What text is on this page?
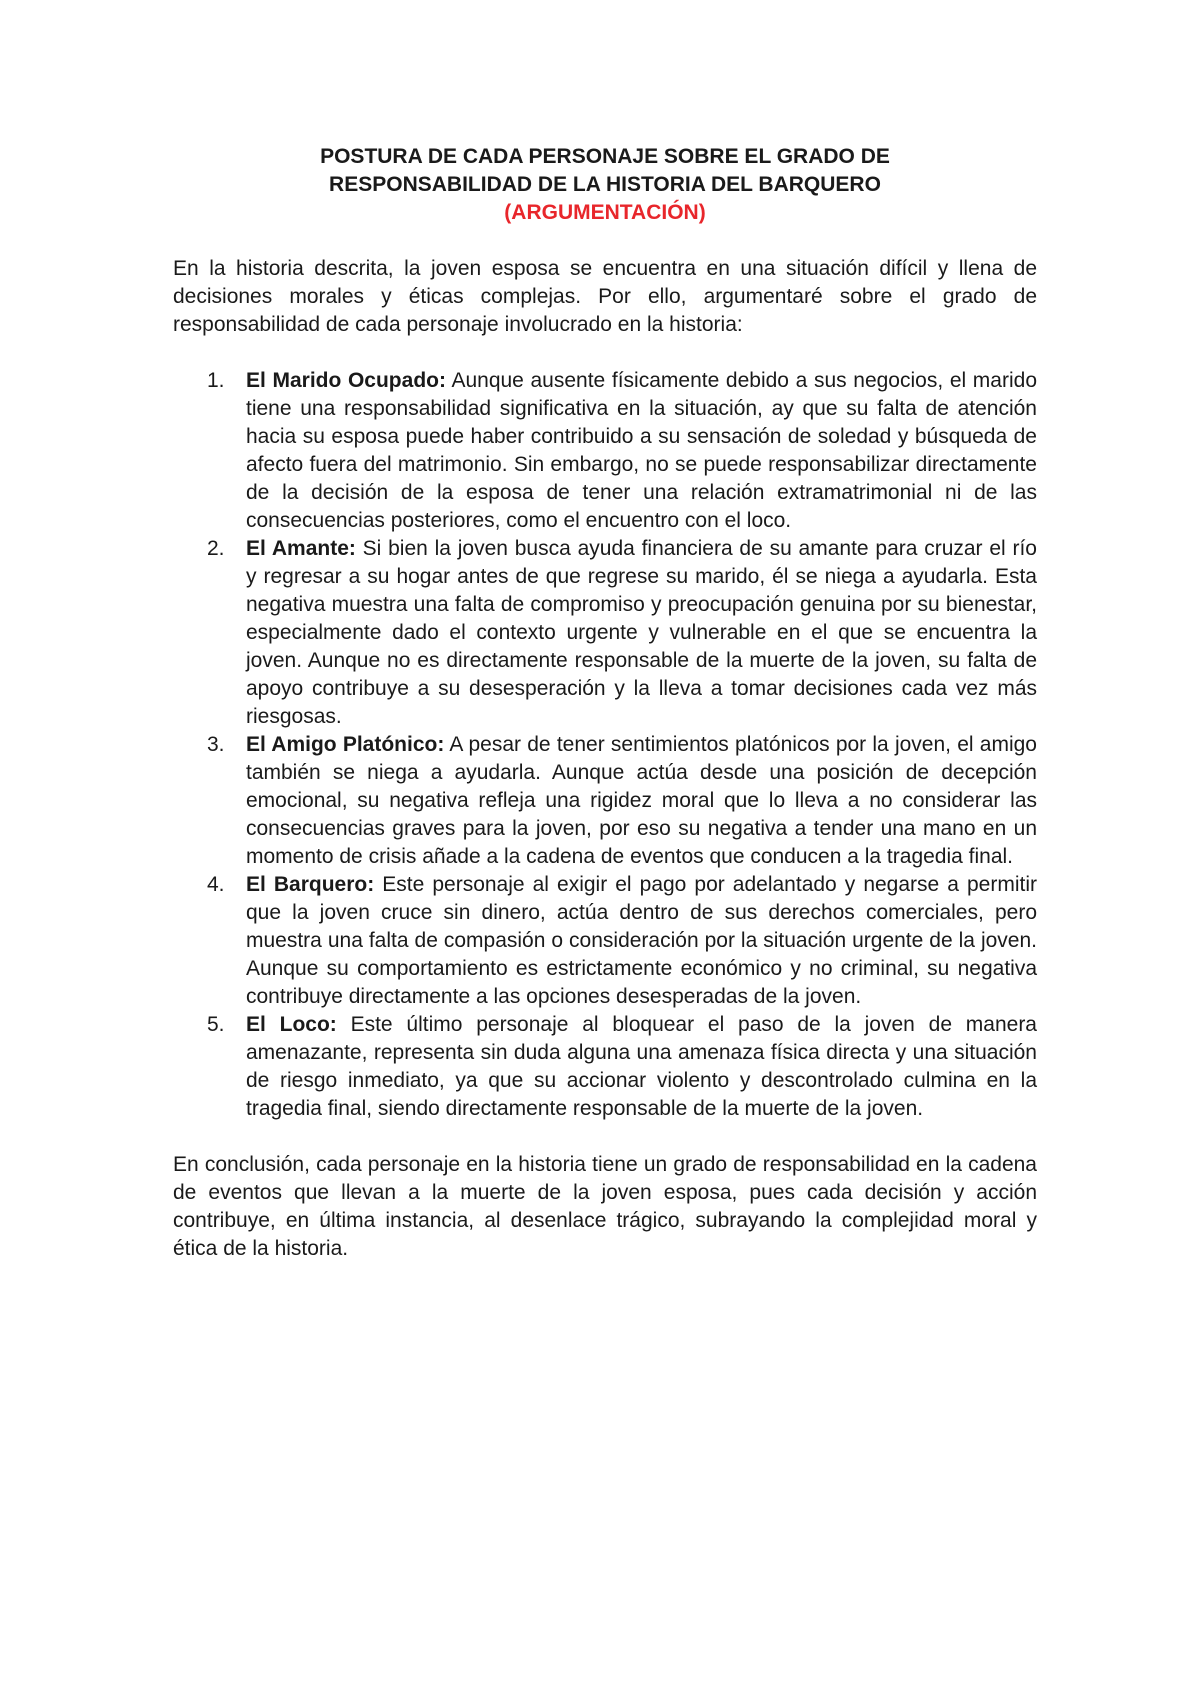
POSTURA DE CADA PERSONAJE SOBRE EL GRADO DE
RESPONSABILIDAD DE LA HISTORIA DEL BARQUERO
(ARGUMENTACIÓN)

En la historia descrita, la joven esposa se encuentra en una situación difícil y llena de decisiones morales y éticas complejas. Por ello, argumentaré sobre el grado de responsabilidad de cada personaje involucrado en la historia:

1.	El Marido Ocupado: Aunque ausente físicamente debido a sus negocios, el marido tiene una responsabilidad significativa en la situación, ay que su falta de atención hacia su esposa puede haber contribuido a su sensación de soledad y búsqueda de afecto fuera del matrimonio. Sin embargo, no se puede responsabilizar directamente de la decisión de la esposa de tener una relación extramatrimonial ni de las consecuencias posteriores, como el encuentro con el loco.
2.	El Amante: Si bien la joven busca ayuda financiera de su amante para cruzar el río y regresar a su hogar antes de que regrese su marido, él se niega a ayudarla. Esta negativa muestra una falta de compromiso y preocupación genuina por su bienestar, especialmente dado el contexto urgente y vulnerable en el que se encuentra la joven. Aunque no es directamente responsable de la muerte de la joven, su falta de apoyo contribuye a su desesperación y la lleva a tomar decisiones cada vez más riesgosas.
3.	El Amigo Platónico: A pesar de tener sentimientos platónicos por la joven, el amigo también se niega a ayudarla. Aunque actúa desde una posición de decepción emocional, su negativa refleja una rigidez moral que lo lleva a no considerar las consecuencias graves para la joven, por eso su negativa a tender una mano en un momento de crisis añade a la cadena de eventos que conducen a la tragedia final.
4.	El Barquero: Este personaje al exigir el pago por adelantado y negarse a permitir que la joven cruce sin dinero, actúa dentro de sus derechos comerciales, pero muestra una falta de compasión o consideración por la situación urgente de la joven. Aunque su comportamiento es estrictamente económico y no criminal, su negativa contribuye directamente a las opciones desesperadas de la joven.
5.	El Loco: Este último personaje al bloquear el paso de la joven de manera amenazante, representa sin duda alguna una amenaza física directa y una situación de riesgo inmediato, ya que su accionar violento y descontrolado culmina en la tragedia final, siendo directamente responsable de la muerte de la joven.

En conclusión, cada personaje en la historia tiene un grado de responsabilidad en la cadena de eventos que llevan a la muerte de la joven esposa, pues cada decisión y acción contribuye, en última instancia, al desenlace trágico, subrayando la complejidad moral y ética de la historia.
